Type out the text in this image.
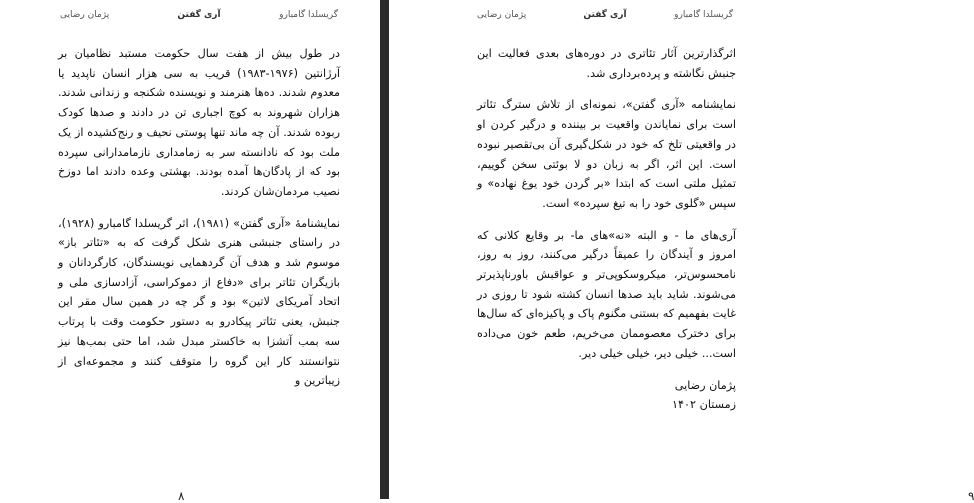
گریسلدا گامبارو
آری گفتن
پژمان رضایی

در طول بیش از هفت سال حکومت مستبد نظامیان بر آرژانتین (۱۹۷۶-۱۹۸۳) قریب به سی هزار انسان ناپدید یا معدوم شدند. ده‌ها هنرمند و نویسنده شکنجه و زندانی شدند. هزاران شهروند به کوچ اجباری تن در دادند و صدها کودک ربوده شدند. آن چه ماند تنها پوستی نحیف و رنج‌کشیده از یک ملت بود که نادانسته سر به زمامداری نازمامدارانی سپرده بود که از پادگان‌ها آمده بودند. بهشتی وعده دادند اما دوزخ نصیب مردمان‌شان کردند.

نمایشنامهٔ «آری گفتن» (۱۹۸۱)، اثر گریسلدا گامبارو (۱۹۲۸)، در راستای جنبشی هنری شکل گرفت که به «تئاتر باز» موسوم شد و هدف آن گردهمایی نویسندگان، کارگردانان و بازیگران تئاتر برای «دفاع از دموکراسی، آزادسازی ملی و اتحاد آمریکای لاتین» بود و گر چه در همین سال مقر این جنبش، یعنی تئاتر پیکادرو به دستور حکومت وقت با پرتاب سه بمب آتشزا به خاکستر مبدل شد، اما حتی بمب‌ها نیز نتوانستند کار این گروه را متوقف کنند و مجموعه‌ای از زیباترین و

۸
گریسلدا گامبارو
آری گفتن
پژمان رضایی

اثرگذارترین آثار تئاتری در دوره‌های بعدی فعالیت این جنبش نگاشته و پرده‌برداری شد.

نمایشنامه «آری گفتن»، نمونه‌ای از تلاش سترگ تئاتر است برای نمایاندن واقعیت بر بیننده و درگیر کردن او در واقعیتی تلخ که خود در شکل‌گیری آن بی‌تقصیر نبوده است. این اثر، اگر به زبان دو لا بوئتی سخن گوییم، تمثیل ملتی است که ابتدا «بر گردن خود یوغ نهاده» و سپس «گلوی خود را به تیغ سپرده» است.

آری‌های ما - و البته «نه»های ما- بر وقایع کلانی که امروز و آیندگان را عمیقاً درگیر می‌کنند، روز به روز، نامحسوس‌تر، میکروسکوپی‌تر و عواقبش باورناپذیرتر می‌شوند. شاید باید صدها انسان کشته شود تا روزی در غایت بفهمیم که بستنی مگنوم پاک و پاکیزه‌ای که سال‌ها برای دخترک معصوممان می‌خریم، طعم خون می‌داده است... خیلی دیر، خیلی خیلی دیر.

پژمان رضایی

زمستان ۱۴۰۲

۹
